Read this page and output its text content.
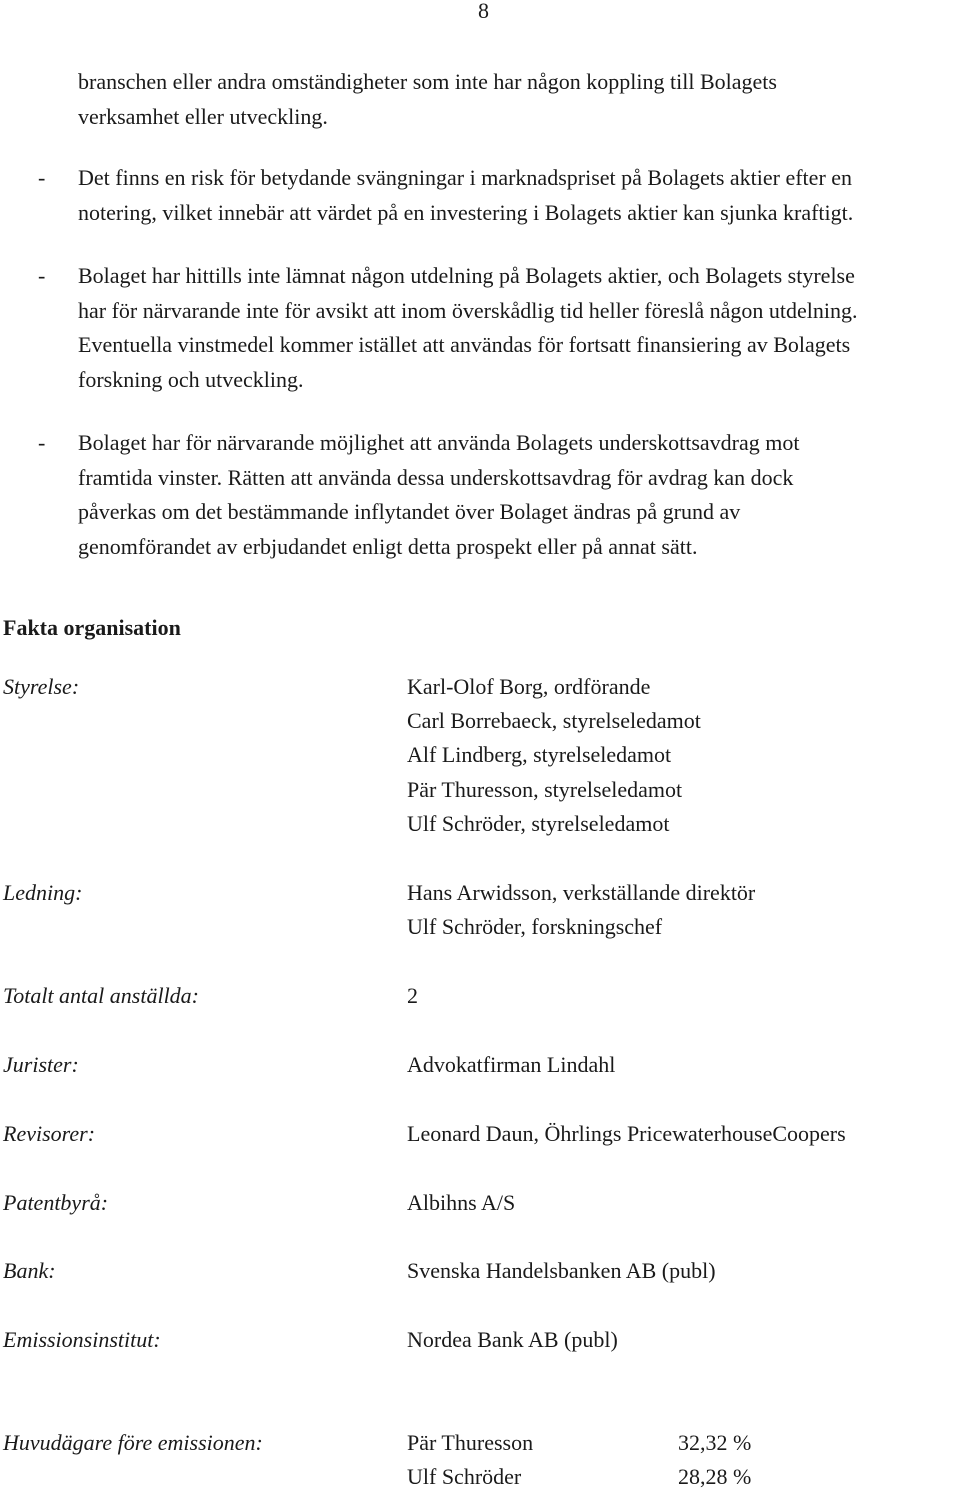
8
branschen eller andra omständigheter som inte har någon koppling till Bolagets
verksamhet eller utveckling.
- Det finns en risk för betydande svängningar i marknadspriset på Bolagets aktier efter en
notering, vilket innebär att värdet på en investering i Bolagets aktier kan sjunka kraftigt.
- Bolaget har hittills inte lämnat någon utdelning på Bolagets aktier, och Bolagets styrelse
har för närvarande inte för avsikt att inom överskådlig tid heller föreslå någon utdelning.
Eventuella vinstmedel kommer istället att användas för fortsatt finansiering av Bolagets
forskning och utveckling.
- Bolaget har för närvarande möjlighet att använda Bolagets underskottsavdrag mot
framtida vinster. Rätten att använda dessa underskottsavdrag för avdrag kan dock
påverkas om det bestämmande inflytandet över Bolaget ändras på grund av
genomförandet av erbjudandet enligt detta prospekt eller på annat sätt.
Fakta organisation
Styrelse:	Karl-Olof Borg, ordförande
Carl Borrebaeck, styrelseledamot
Alf Lindberg, styrelseledamot
Pär Thuresson, styrelseledamot
Ulf Schröder, styrelseledamot
Ledning:	Hans Arwidsson, verkställande direktör
Ulf Schröder, forskningschef
Totalt antal anställda:	2
Jurister:	Advokatfirman Lindahl
Revisorer:	Leonard Daun, Öhrlings PricewaterhouseCoopers
Patentbyrå:	Albihns A/S
Bank:	Svenska Handelsbanken AB (publ)
Emissionsinstitut:	Nordea Bank AB (publ)
Huvudägare före emissionen:	Pär Thuresson	32,32 %
Ulf Schröder	28,28 %
